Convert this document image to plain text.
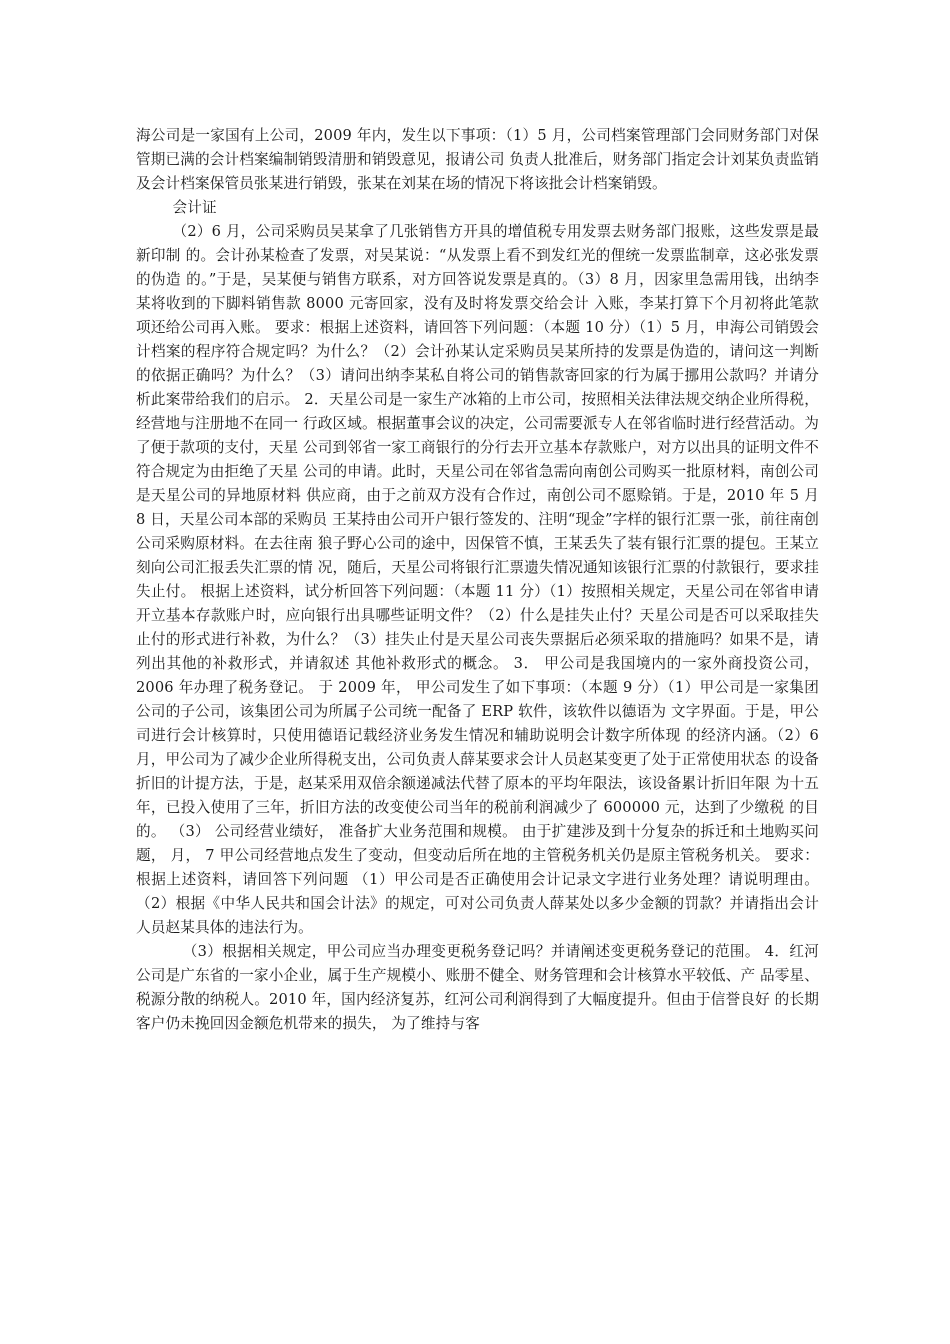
海公司是一家国有上公司，2009 年内，发生以下事项：（1）5 月，公司档案管理部门会同财务部门对保管期已满的会计档案编制销毁清册和销毁意见，报请公司 负责人批准后，财务部门指定会计刘某负责监销及会计档案保管员张某进行销毁，张某在刘某在场的情况下将该批会计档案销毁。

会计证

（2）6 月，公司采购员吴某拿了几张销售方开具的增值税专用发票去财务部门报账，这些发票是最新印制 的。会计孙某检查了发票，对吴某说：“从发票上看不到发红光的俚统一发票监制章，这必张发票的伪造 的。”于是，吴某便与销售方联系，对方回答说发票是真的。（3）8 月，因家里急需用钱，出纳李某将收到的下脚料销售款 8000 元寄回家，没有及时将发票交给会计 入账，李某打算下个月初将此笔款项还给公司再入账。 要求：根据上述资料，请回答下列问题：（本题 10 分）（1）5 月，申海公司销毁会计档案的程序符合规定吗？为什么？（2）会计孙某认定采购员吴某所持的发票是伪造的，请问这一判断的依据正确吗？为什么？（3）请问出纳李某私自将公司的销售款寄回家的行为属于挪用公款吗？并请分析此案带给我们的启示。 2．天星公司是一家生产冰箱的上市公司，按照相关法律法规交纳企业所得税，经营地与注册地不在同一 行政区域。根据董事会议的决定，公司需要派专人在邻省临时进行经营活动。为了便于款项的支付，天星 公司到邻省一家工商银行的分行去开立基本存款账户，对方以出具的证明文件不符合规定为由拒绝了天星 公司的申请。此时，天星公司在邻省急需向南创公司购买一批原材料，南创公司是天星公司的异地原材料 供应商，由于之前双方没有合作过，南创公司不愿赊销。于是，2010 年 5 月 8 日，天星公司本部的采购员 王某持由公司开户银行签发的、注明“现金”字样的银行汇票一张，前往南创公司采购原材料。在去往南 狼子野心公司的途中，因保管不慎，王某丢失了装有银行汇票的提包。王某立刻向公司汇报丢失汇票的情 况，随后，天星公司将银行汇票遗失情况通知该银行汇票的付款银行，要求挂失止付。 根据上述资料，试分析回答下列问题：（本题 11 分）（1）按照相关规定，天星公司在邻省申请开立基本存款账户时，应向银行出具哪些证明文件？（2）什么是挂失止付？天星公司是否可以采取挂失止付的形式进行补救，为什么？（3）挂失止付是天星公司丧失票据后必须采取的措施吗？如果不是，请列出其他的补救形式，并请叙述 其他补救形式的概念。 3． 甲公司是我国境内的一家外商投资公司， 2006 年办理了税务登记。 于 2009 年， 甲公司发生了如下事项：（本题 9 分）（1）甲公司是一家集团公司的子公司，该集团公司为所属子公司统一配备了 ERP 软件，该软件以德语为 文字界面。于是，甲公司进行会计核算时，只使用德语记载经济业务发生情况和辅助说明会计数字所体现 的经济内涵。（2）6 月，甲公司为了减少企业所得税支出，公司负责人薛某要求会计人员赵某变更了处于正常使用状态 的设备折旧的计提方法，于是，赵某采用双倍余额递减法代替了原本的平均年限法，该设备累计折旧年限 为十五年，已投入使用了三年，折旧方法的改变使公司当年的税前利润减少了 600000 元，达到了少缴税 的目的。 （3） 公司经营业绩好， 准备扩大业务范围和规模。 由于扩建涉及到十分复杂的拆迁和土地购买问题， 月， 7 甲公司经营地点发生了变动，但变动后所在地的主管税务机关仍是原主管税务机关。 要求：根据上述资料，请回答下列问题 （1）甲公司是否正确使用会计记录文字进行业务处理？请说明理由。 （2）根据《中华人民共和国会计法》的规定，可对公司负责人薛某处以多少金额的罚款？并请指出会计 人员赵某具体的违法行为。

（3）根据相关规定，甲公司应当办理变更税务登记吗？并请阐述变更税务登记的范围。 4．红河公司是广东省的一家小企业，属于生产规模小、账册不健全、财务管理和会计核算水平较低、产 品零星、税源分散的纳税人。2010 年，国内经济复苏，红河公司利润得到了大幅度提升。但由于信誉良好 的长期客户仍未挽回因金额危机带来的损失， 为了维持与客
